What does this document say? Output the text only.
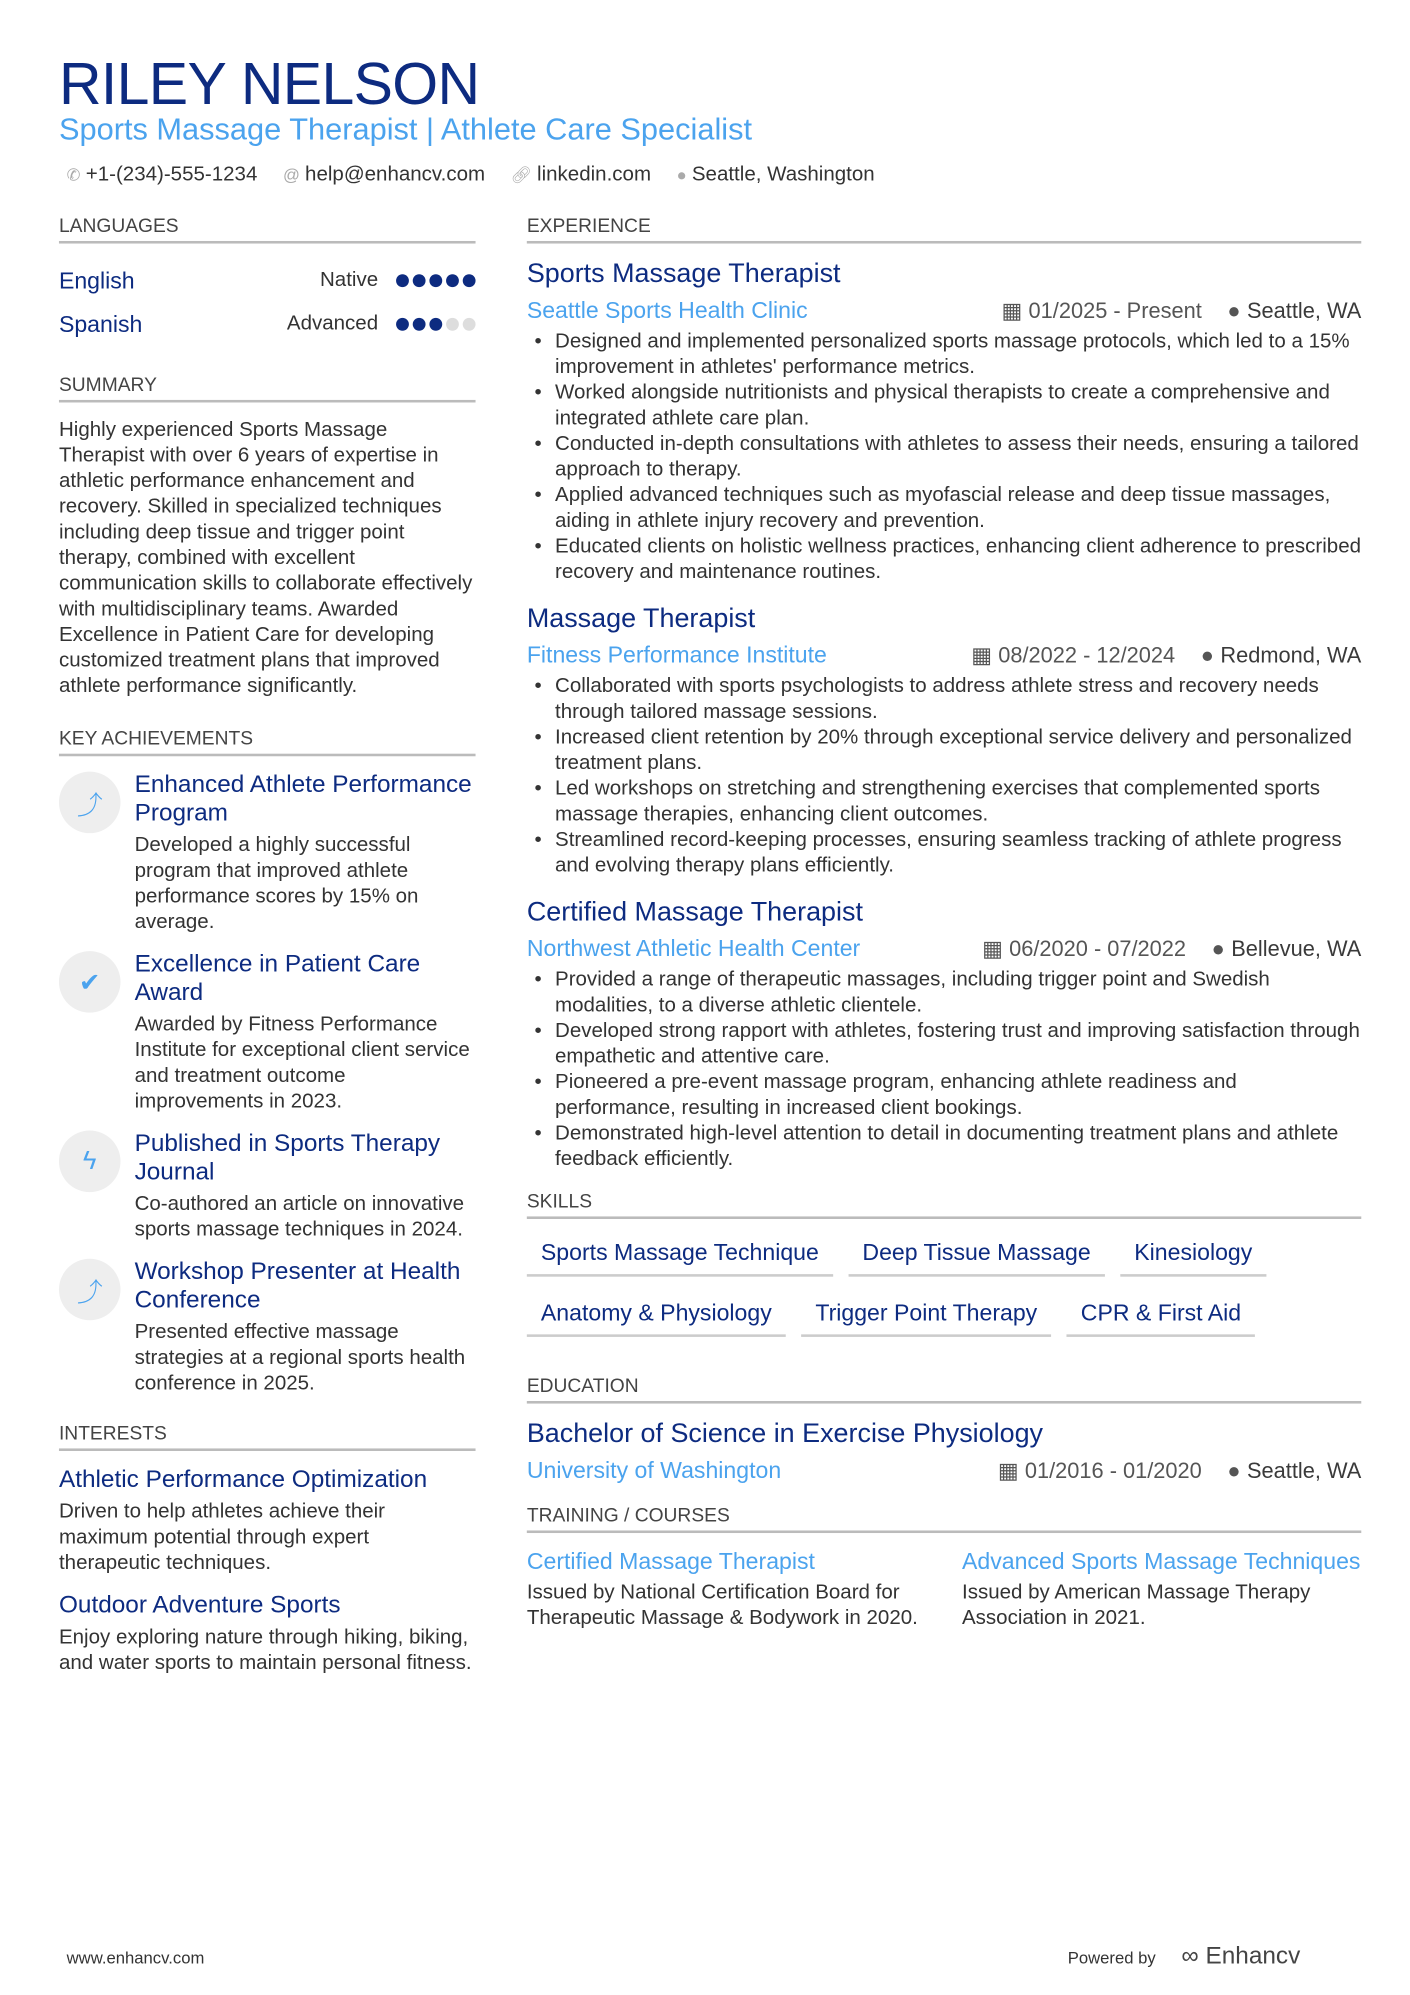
RILEY NELSON
Sports Massage Therapist | Athlete Care Specialist
✆ +1-(234)-555-1234 @ help@enhancv.com 🔗︎ linkedin.com ● Seattle, Washington
LANGUAGES
English	Native
Spanish	Advanced
SUMMARY
Highly experienced Sports Massage Therapist with over 6 years of expertise in athletic performance enhancement and recovery. Skilled in specialized techniques including deep tissue and trigger point therapy, combined with excellent communication skills to collaborate effectively with multidisciplinary teams. Awarded Excellence in Patient Care for developing customized treatment plans that improved athlete performance significantly.
KEY ACHIEVEMENTS
⤴
Enhanced Athlete Performance Program
Developed a highly successful program that improved athlete performance scores by 15% on average.
✔
Excellence in Patient Care Award
Awarded by Fitness Performance Institute for exceptional client service and treatment outcome improvements in 2023.
ϟ
Published in Sports Therapy Journal
Co-authored an article on innovative sports massage techniques in 2024.
⤴
Workshop Presenter at Health Conference
Presented effective massage strategies at a regional sports health conference in 2025.
INTERESTS
Athletic Performance Optimization
Driven to help athletes achieve their maximum potential through expert therapeutic techniques.
Outdoor Adventure Sports
Enjoy exploring nature through hiking, biking, and water sports to maintain personal fitness.
EXPERIENCE
Sports Massage Therapist
Seattle Sports Health Clinic	▦ 01/2025 - Present ● Seattle, WA
• Designed and implemented personalized sports massage protocols, which led to a 15% improvement in athletes' performance metrics.
• Worked alongside nutritionists and physical therapists to create a comprehensive and integrated athlete care plan.
• Conducted in-depth consultations with athletes to assess their needs, ensuring a tailored approach to therapy.
• Applied advanced techniques such as myofascial release and deep tissue massages, aiding in athlete injury recovery and prevention.
• Educated clients on holistic wellness practices, enhancing client adherence to prescribed recovery and maintenance routines.
Massage Therapist
Fitness Performance Institute	▦ 08/2022 - 12/2024 ● Redmond, WA
• Collaborated with sports psychologists to address athlete stress and recovery needs through tailored massage sessions.
• Increased client retention by 20% through exceptional service delivery and personalized treatment plans.
• Led workshops on stretching and strengthening exercises that complemented sports massage therapies, enhancing client outcomes.
• Streamlined record-keeping processes, ensuring seamless tracking of athlete progress and evolving therapy plans efficiently.
Certified Massage Therapist
Northwest Athletic Health Center	▦ 06/2020 - 07/2022 ● Bellevue, WA
• Provided a range of therapeutic massages, including trigger point and Swedish modalities, to a diverse athletic clientele.
• Developed strong rapport with athletes, fostering trust and improving satisfaction through empathetic and attentive care.
• Pioneered a pre-event massage program, enhancing athlete readiness and performance, resulting in increased client bookings.
• Demonstrated high-level attention to detail in documenting treatment plans and athlete feedback efficiently.
SKILLS
Sports Massage Technique	Deep Tissue Massage	Kinesiology
Anatomy & Physiology	Trigger Point Therapy	CPR & First Aid
EDUCATION
Bachelor of Science in Exercise Physiology
University of Washington	▦ 01/2016 - 01/2020 ● Seattle, WA
TRAINING / COURSES
Certified Massage Therapist
Issued by National Certification Board for Therapeutic Massage & Bodywork in 2020.
Advanced Sports Massage Techniques
Issued by American Massage Therapy Association in 2021.
www.enhancv.com	Powered by ∞ Enhancv
